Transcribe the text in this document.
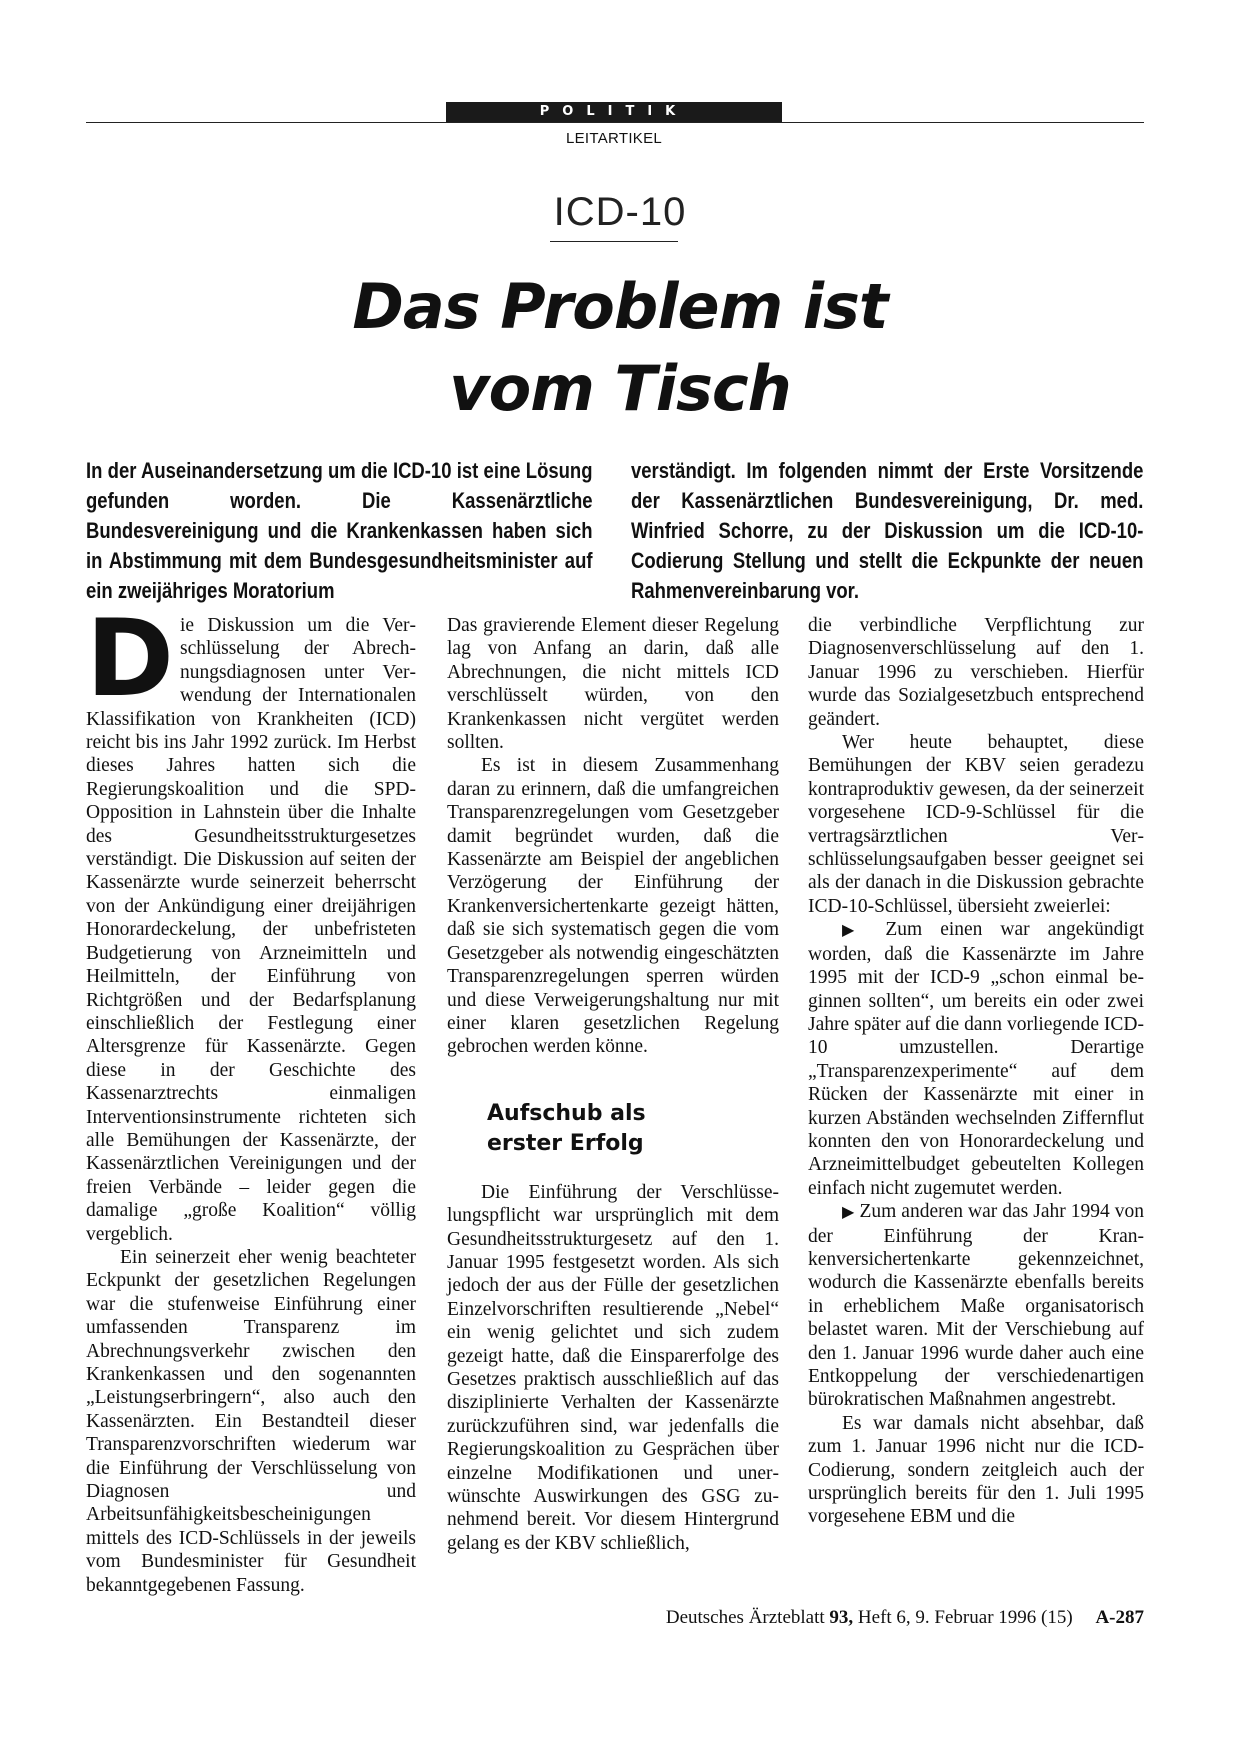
POLITIK
LEITARTIKEL
ICD-10
Das Problem ist
vom Tisch

In der Auseinandersetzung um die ICD-10 ist eine Lösung gefunden worden. Die Kassenärztliche Bundesvereinigung und die Krankenkassen haben sich in Abstimmung mit dem Bundesgesundheitsminister auf ein zweijähriges Moratorium

verständigt. Im folgenden nimmt der Erste Vorsitzende der Kassenärztlichen Bundesvereinigung, Dr. med. Winfried Schorre, zu der Diskussion um die ICD-10-Codierung Stellung und stellt die Eckpunkte der neuen Rahmenvereinbarung vor.

Die Diskussion um die Verschlüsselung der Abrechnungsdiagnosen unter Verwendung der Internationalen Klassifikation von Krankheiten (ICD) reicht bis ins Jahr 1992 zurück. Im Herbst dieses Jahres hatten sich die Regierungskoalition und die SPD-Opposition in Lahnstein über die Inhalte des Gesundheitsstrukturgesetzes verständigt. Die Diskussion auf seiten der Kassenärzte wurde seinerzeit beherrscht von der Ankündigung einer dreijährigen Honorardeckelung, der unbefristeten Budgetierung von Arzneimitteln und Heilmitteln, der Einführung von Richtgrößen und der Bedarfsplanung einschließlich der Festlegung einer Altersgrenze für Kassenärzte. Gegen diese in der Geschichte des Kassenarztrechts einmaligen Interventionsinstrumente richteten sich alle Bemühungen der Kassenärzte, der Kassenärztlichen Vereinigungen und der freien Verbände – leider gegen die damalige „große Koalition“ völlig vergeblich.

Ein seinerzeit eher wenig beachteter Eckpunkt der gesetzlichen Regelungen war die stufenweise Einführung einer umfassenden Transparenz im Abrechnungsverkehr zwischen den Krankenkassen und den sogenannten „Leistungserbringern“, also auch den Kassenärzten. Ein Bestandteil dieser Transparenzvorschriften wiederum war die Einführung der Verschlüsselung von Diagnosen und Arbeitsunfähigkeitsbescheinigungen mittels des ICD-Schlüssels in der jeweils vom Bundesminister für Gesundheit bekanntgegebenen Fassung.

Das gravierende Element dieser Regelung lag von Anfang an darin, daß alle Abrechnungen, die nicht mittels ICD verschlüsselt würden, von den Krankenkassen nicht vergütet werden sollten.

Es ist in diesem Zusammenhang daran zu erinnern, daß die umfangreichen Transparenzregelungen vom Gesetzgeber damit begründet wurden, daß die Kassenärzte am Beispiel der angeblichen Verzögerung der Einführung der Krankenversichertenkarte gezeigt hätten, daß sie sich systematisch gegen die vom Gesetzgeber als notwendig eingeschätzten Transparenzregelungen sperren würden und diese Verweigerungshaltung nur mit einer klaren gesetzlichen Regelung gebrochen werden könne.

Aufschub als
erster Erfolg

Die Einführung der Verschlüsselungspflicht war ursprünglich mit dem Gesundheitsstrukturgesetz auf den 1. Januar 1995 festgesetzt worden. Als sich jedoch der aus der Fülle der gesetzlichen Einzelvorschriften resultierende „Nebel“ ein wenig gelichtet und sich zudem gezeigt hatte, daß die Einsparerfolge des Gesetzes praktisch ausschließlich auf das disziplinierte Verhalten der Kassenärzte zurückzuführen sind, war jedenfalls die Regierungskoalition zu Gesprächen über einzelne Modifikationen und unerwünschte Auswirkungen des GSG zunehmend bereit. Vor diesem Hintergrund gelang es der KBV schließlich,

die verbindliche Verpflichtung zur Diagnosenverschlüsselung auf den 1. Januar 1996 zu verschieben. Hierfür wurde das Sozialgesetzbuch entsprechend geändert.

Wer heute behauptet, diese Bemühungen der KBV seien geradezu kontraproduktiv gewesen, da der seinerzeit vorgesehene ICD-9-Schlüssel für die vertragsärztlichen Verschlüsselungsaufgaben besser geeignet sei als der danach in die Diskussion gebrachte ICD-10-Schlüssel, übersieht zweierlei:

▶ Zum einen war angekündigt worden, daß die Kassenärzte im Jahre 1995 mit der ICD-9 „schon einmal beginnen sollten“, um bereits ein oder zwei Jahre später auf die dann vorliegende ICD-10 umzustellen. Derartige „Transparenzexperimente“ auf dem Rücken der Kassenärzte mit einer in kurzen Abständen wechselnden Ziffernflut konnten den von Honorardeckelung und Arzneimittelbudget gebeutelten Kollegen einfach nicht zugemutet werden.

▶ Zum anderen war das Jahr 1994 von der Einführung der Krankenversichertenkarte gekennzeichnet, wodurch die Kassenärzte ebenfalls bereits in erheblichem Maße organisatorisch belastet waren. Mit der Verschiebung auf den 1. Januar 1996 wurde daher auch eine Entkoppelung der verschiedenartigen bürokratischen Maßnahmen angestrebt.

Es war damals nicht absehbar, daß zum 1. Januar 1996 nicht nur die ICD-Codierung, sondern zeitgleich auch der ursprünglich bereits für den 1. Juli 1995 vorgesehene EBM und die

Deutsches Ärzteblatt 93, Heft 6, 9. Februar 1996 (15) A-287
